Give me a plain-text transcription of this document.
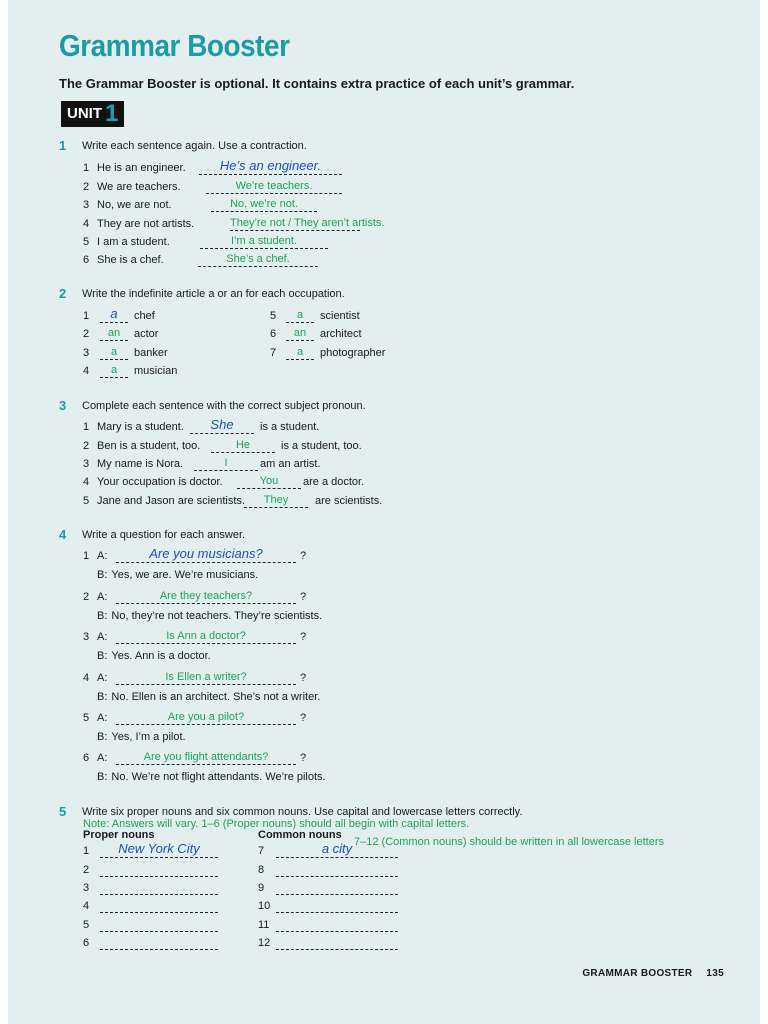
Grammar Booster
The Grammar Booster is optional. It contains extra practice of each unit’s grammar.
UNIT 1
1 Write each sentence again. Use a contraction.
1 He is an engineer.	He’s an engineer.
2 We are teachers.	We’re teachers.
3 No, we are not.	No, we’re not.
4 They are not artists.	They’re not / They aren’t artists.
5 I am a student.	I’m a student.
6 She is a chef.	She’s a chef.
2 Write the indefinite article a or an for each occupation.
1	a	chef
2	an	actor
3	a	banker
4	a	musician
5	a	scientist
6	an	architect
7	a	photographer
3 Complete each sentence with the correct subject pronoun.
1 Mary is a student.	She	is a student.
2 Ben is a student, too.	He	is a student, too.
3 My name is Nora.	I	am an artist.
4 Your occupation is doctor.	You	are a doctor.
5 Jane and Jason are scientists.	They	are scientists.
4 Write a question for each answer.
1 A:	Are you musicians?	?
B: Yes, we are. We’re musicians.
2 A:	Are they teachers?	?
B: No, they’re not teachers. They’re scientists.
3 A:	Is Ann a doctor?	?
B: Yes. Ann is a doctor.
4 A:	Is Ellen a writer?	?
B: No. Ellen is an architect. She’s not a writer.
5 A:	Are you a pilot?	?
B: Yes, I’m a pilot.
6 A:	Are you flight attendants?	?
B: No. We’re not flight attendants. We’re pilots.
5 Write six proper nouns and six common nouns. Use capital and lowercase letters correctly.
Note: Answers will vary. 1–6 (Proper nouns) should all begin with capital letters.
Proper nouns	Common nouns
7–12 (Common nouns) should be written in all lowercase letters
1	New York City	7	a city
2	8
3	9
4	10
5	11
6	12
GRAMMAR BOOSTER 135
